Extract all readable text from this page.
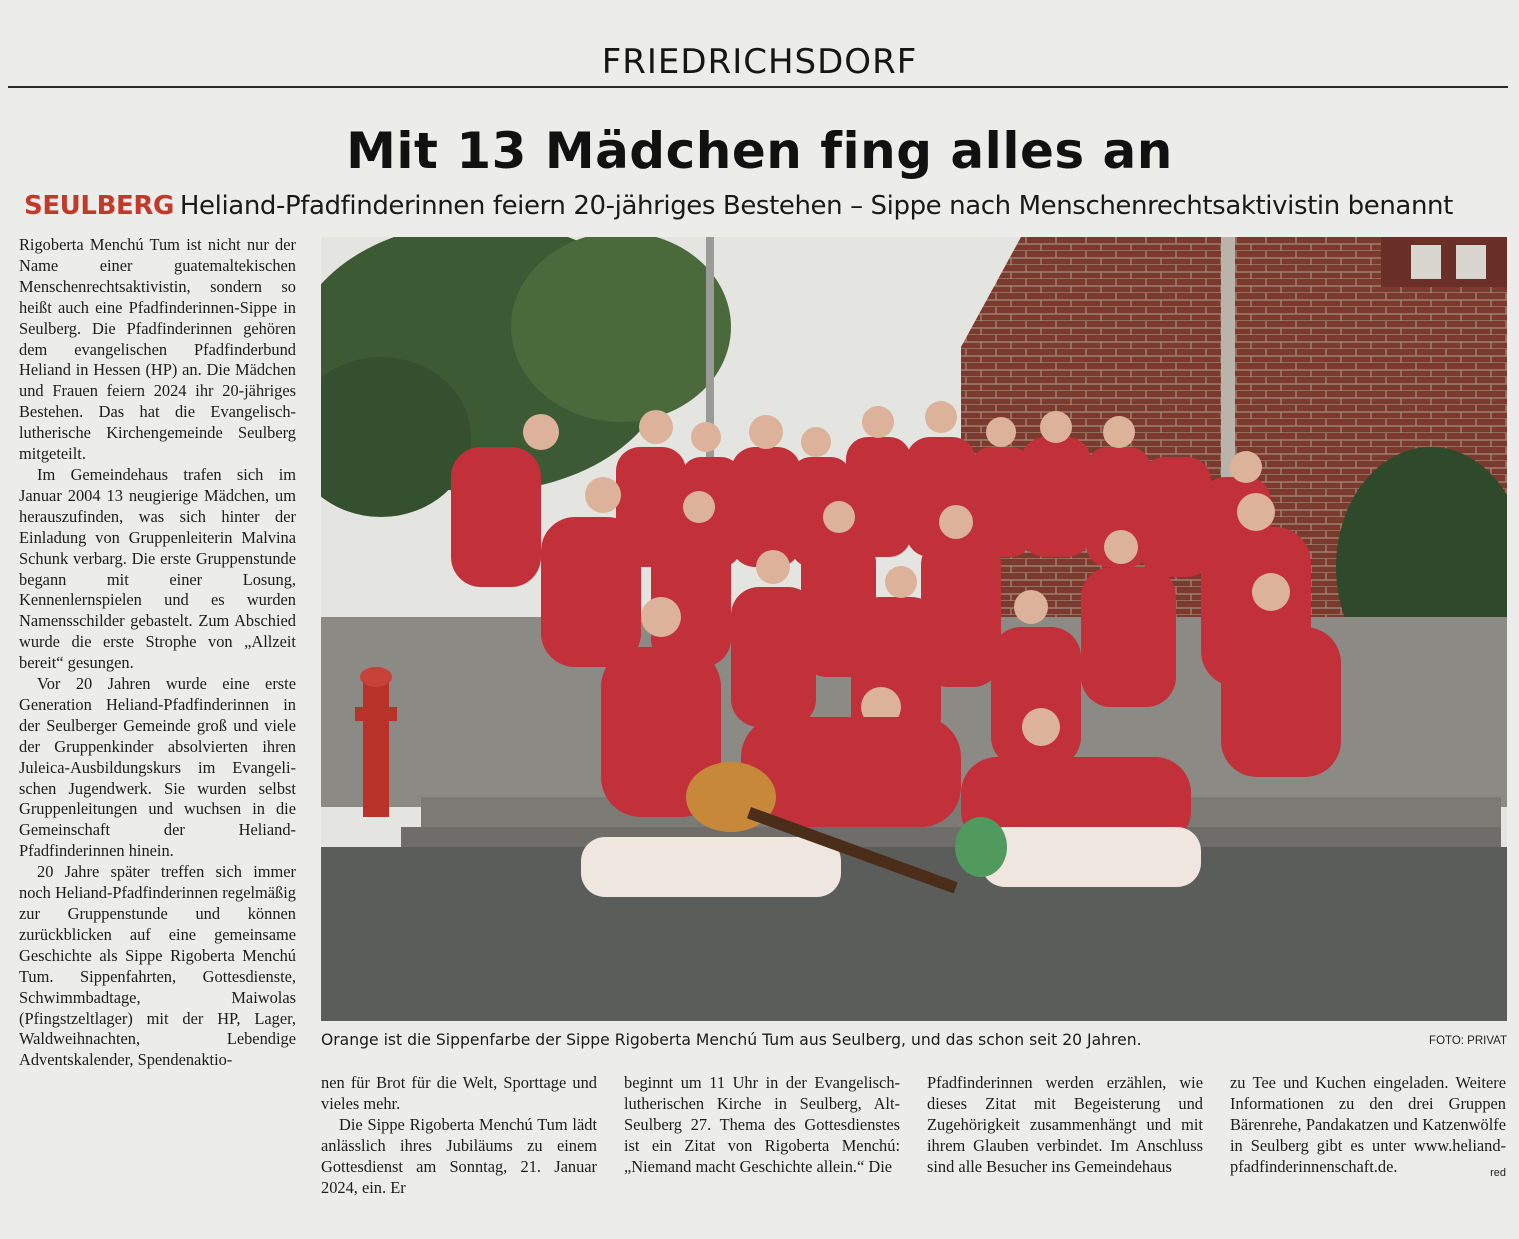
FRIEDRICHSDORF
Mit 13 Mädchen fing alles an
SEULBERG Heliand-Pfadfinderinnen feiern 20-jähriges Bestehen – Sippe nach Menschenrechtsaktivistin benannt

Rigoberta Menchú Tum ist nicht nur der Name einer guatemaltekischen Menschenrechtsaktivistin, sondern so heißt auch eine Pfadfinderinnen-Sippe in Seulberg. Die Pfadfinderinnen gehören dem evangelischen Pfadfinderbund Heliand in Hessen (HP) an. Die Mädchen und Frauen feiern 2024 ihr 20-jähriges Bestehen. Das hat die Evangelisch-lutherische Kirchengemeinde Seulberg mitgeteilt.

Im Gemeindehaus trafen sich im Januar 2004 13 neugierige Mädchen, um herauszufinden, was sich hinter der Einladung von Gruppenleiterin Malvina Schunk verbarg. Die erste Gruppenstunde begann mit einer Losung, Kennenlernspielen und es wurden Namensschilder gebastelt. Zum Abschied wurde die erste Strophe von „Allzeit bereit“ gesungen.

Vor 20 Jahren wurde eine erste Generation Heliand-Pfadfinderinnen in der Seulberger Gemeinde groß und viele der Gruppenkinder absolvierten ihren Juleica-Ausbildungskurs im Evangelischen Jugendwerk. Sie wurden selbst Gruppenleitungen und wuchsen in die Gemeinschaft der Heliand-Pfadfinderinnen hinein.

20 Jahre später treffen sich immer noch Heliand-Pfadfinderinnen regelmäßig zur Gruppenstunde und können zurückblicken auf eine gemeinsame Geschichte als Sippe Rigoberta Menchú Tum. Sippenfahrten, Gottesdienste, Schwimmbadtage, Maiwolas (Pfingstzeltlager) mit der HP, Lager, Waldweihnachten, Lebendige Adventskalender, Spendenaktio-

Orange ist die Sippenfarbe der Sippe Rigoberta Menchú Tum aus Seulberg, und das schon seit 20 Jahren.	FOTO: PRIVAT

nen für Brot für die Welt, Sporttage und vieles mehr.

Die Sippe Rigoberta Menchú Tum lädt anlässlich ihres Jubiläums zu einem Gottesdienst am Sonntag, 21. Januar 2024, ein. Er

beginnt um 11 Uhr in der Evangelisch-lutherischen Kirche in Seulberg, Alt-Seulberg 27. Thema des Gottesdienstes ist ein Zitat von Rigoberta Menchú: „Niemand macht Geschichte allein.“ Die

Pfadfinderinnen werden erzählen, wie dieses Zitat mit Begeisterung und Zugehörigkeit zusammenhängt und mit ihrem Glauben verbindet. Im Anschluss sind alle Besucher ins Gemeindehaus

zu Tee und Kuchen eingeladen. Weitere Informationen zu den drei Gruppen Bärenrehe, Pandakatzen und Katzenwölfe in Seulberg gibt es unter www.heliand-pfadfinderinnenschaft.de.	red
